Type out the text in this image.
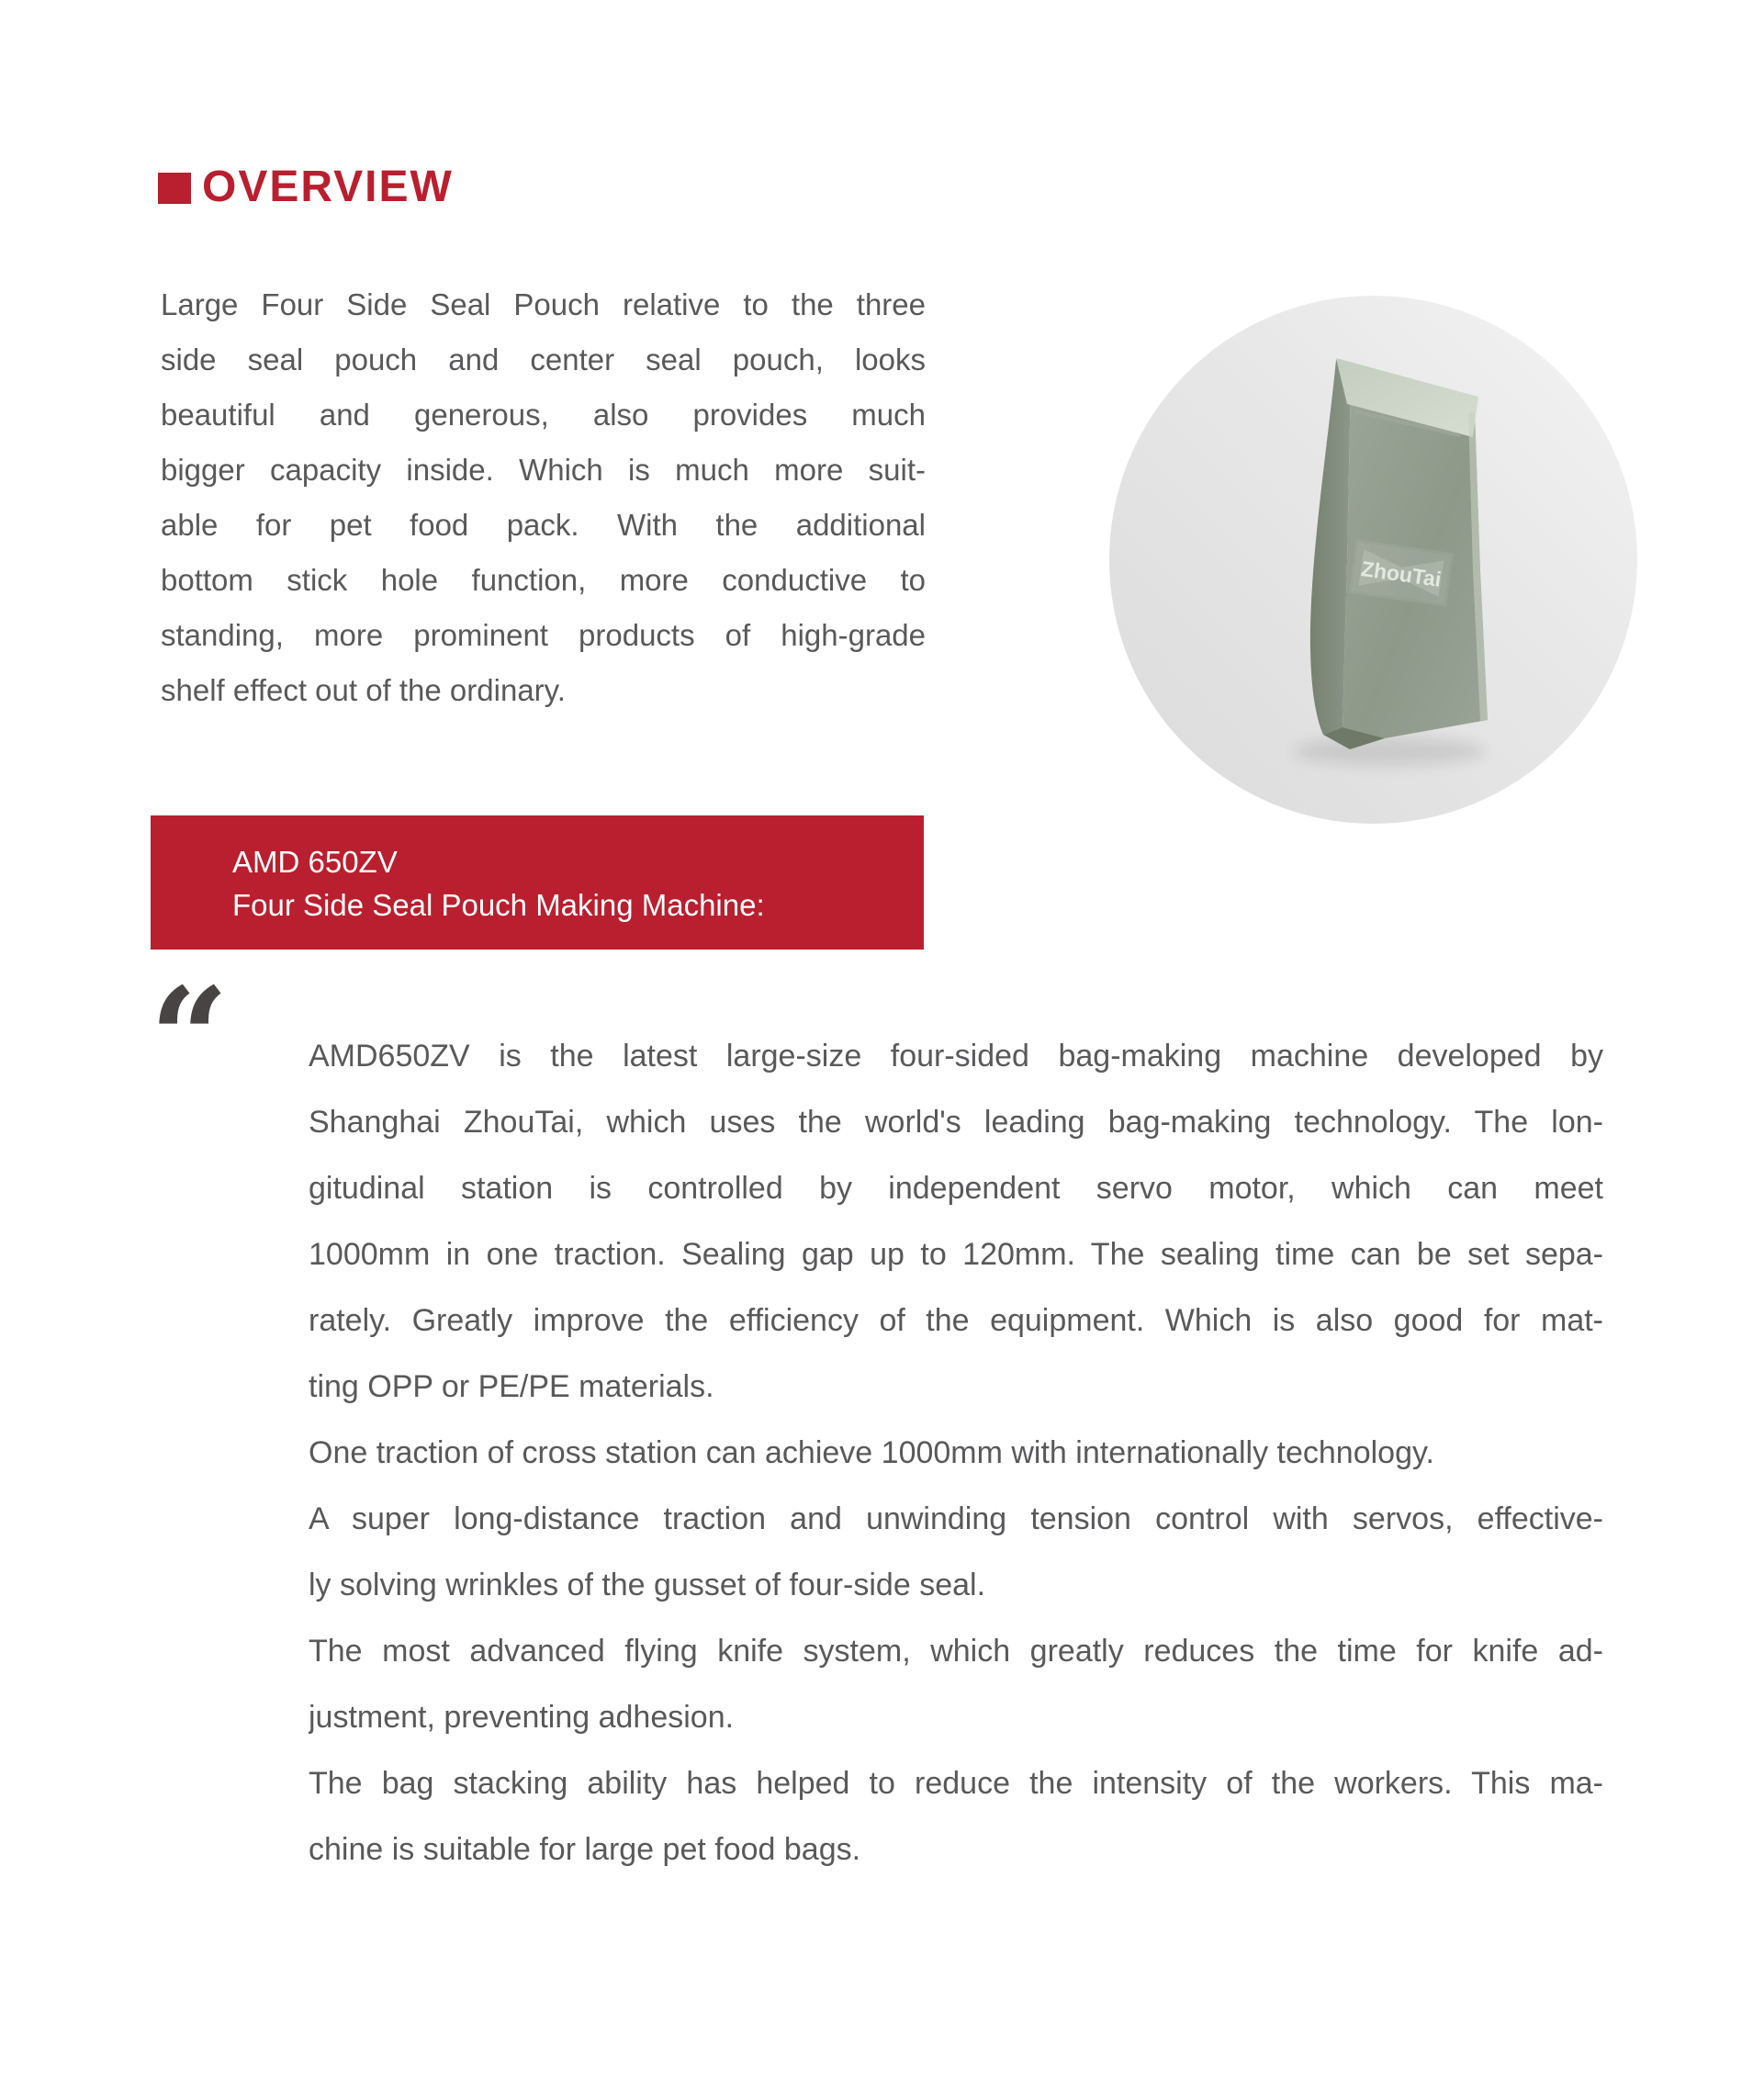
OVERVIEW
Large Four Side Seal Pouch relative to the three
side seal pouch and center seal pouch, looks
beautiful and generous, also provides much
bigger capacity inside. Which is much more suit-
able for pet food pack. With the additional
bottom stick hole function, more conductive to
standing, more prominent products of high-grade
shelf effect out of the ordinary.
ZhouTai
AMD 650ZV
Four Side Seal Pouch Making Machine:
“	AMD650ZV is the latest large-size four-sided bag-making machine developed by
Shanghai ZhouTai, which uses the world's leading bag-making technology. The lon-
gitudinal station is controlled by independent servo motor, which can meet
1000mm in one traction. Sealing gap up to 120mm. The sealing time can be set sepa-
rately. Greatly improve the efficiency of the equipment. Which is also good for mat-
ting OPP or PE/PE materials.
One traction of cross station can achieve 1000mm with internationally technology.
A super long-distance traction and unwinding tension control with servos, effective-
ly solving wrinkles of the gusset of four-side seal.
The most advanced flying knife system, which greatly reduces the time for knife ad-
justment, preventing adhesion.
The bag stacking ability has helped to reduce the intensity of the workers. This ma-
chine is suitable for large pet food bags.
